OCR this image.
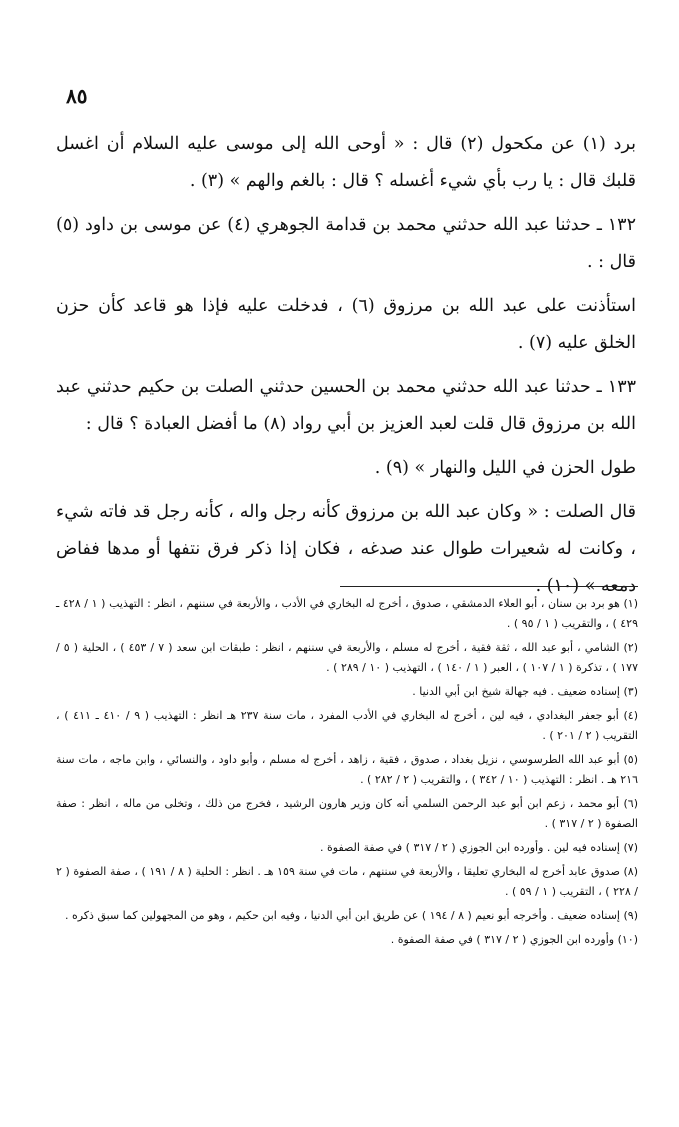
٨٥

برد (١) عن مكحول (٢) قال : « أوحى الله إلى موسى عليه السلام أن اغسل قلبك قال : يا رب بأي شيء أغسله ؟ قال : بالغم والهم » (٣) .

١٣٢ ـ حدثنا عبد الله حدثني محمد بن قدامة الجوهري (٤) عن موسى بن داود (٥) قال : .

استأذنت على عبد الله بن مرزوق (٦) ، فدخلت عليه فإذا هو قاعد كأن حزن الخلق عليه (٧) .

١٣٣ ـ حدثنا عبد الله حدثني محمد بن الحسين حدثني الصلت بن حكيم حدثني عبد الله بن مرزوق قال قلت لعبد العزيز بن أبي رواد (٨) ما أفضل العبادة ؟ قال :

طول الحزن في الليل والنهار » (٩) .

قال الصلت : « وكان عبد الله بن مرزوق كأنه رجل واله ، كأنه رجل قد فاته شيء ، وكانت له شعيرات طوال عند صدغه ، فكان إذا ذكر فرق نتفها أو مدها ففاض دمعه » (١٠) .

(١) هو برد بن سنان ، أبو العلاء الدمشقي ، صدوق ، أخرج له البخاري في الأدب ، والأربعة في سننهم ، انظر : التهذيب ( ١ / ٤٢٨ ـ ٤٢٩ ) ، والتقريب ( ١ / ٩٥ ) .

(٢) الشامي ، أبو عبد الله ، ثقة فقية ، أخرج له مسلم ، والأربعة في سننهم ، انظر : طبقات ابن سعد ( ٧ / ٤٥٣ ) ، الحلية ( ٥ / ١٧٧ ) ، تذكرة ( ١ / ١٠٧ ) ، العبر ( ١ / ١٤٠ ) ، التهذيب ( ١٠ / ٢٨٩ ) .

(٣) إسناده ضعيف . فيه جهالة شيخ ابن أبي الدنيا .

(٤) أبو جعفر البغدادي ، فيه لين ، أخرج له البخاري في الأدب المفرد ، مات سنة ٢٣٧ هـ انظر : التهذيب ( ٩ / ٤١٠ ـ ٤١١ ) ، التقريب ( ٢ / ٢٠١ ) .

(٥) أبو عبد الله الطرسوسي ، نزيل بغداد ، صدوق ، فقية ، زاهد ، أخرج له مسلم ، وأبو داود ، والنسائي ، وابن ماجه ، مات سنة ٢١٦ هـ . انظر : التهذيب ( ١٠ / ٣٤٢ ) ، والتقريب ( ٢ / ٢٨٢ ) .

(٦) أبو محمد ، زعم ابن أبو عبد الرحمن السلمي أنه كان وزير هارون الرشيد ، فخرج من ذلك ، وتخلى من ماله ، انظر : صفة الصفوة ( ٢ / ٣١٧ ) .

(٧) إسناده فيه لين . وأورده ابن الجوزي ( ٢ / ٣١٧ ) في صفة الصفوة .

(٨) صدوق عابد أخرج له البخاري تعليقا ، والأربعة في سننهم ، مات في سنة ١٥٩ هـ . انظر : الحلية ( ٨ / ١٩١ ) ، صفة الصفوة ( ٢ / ٢٢٨ ) ، التقريب ( ١ / ٥٩ ) .

(٩) إسناده ضعيف . وأخرجه أبو نعيم ( ٨ / ١٩٤ ) عن طريق ابن أبي الدنيا ، وفيه ابن حكيم ، وهو من المجهولين كما سبق ذكره .

(١٠) وأورده ابن الجوزي ( ٢ / ٣١٧ ) في صفة الصفوة .
